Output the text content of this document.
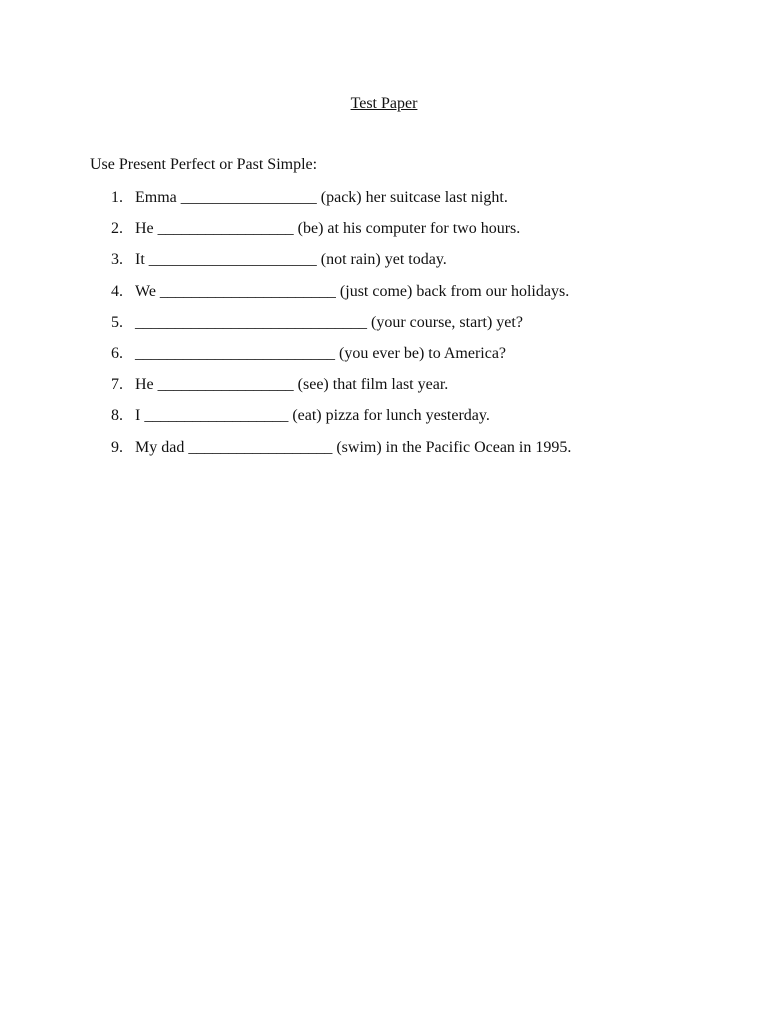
Test Paper
Use Present Perfect or Past Simple:
1. Emma _________________ (pack) her suitcase last night.
2. He _________________ (be) at his computer for two hours.
3. It _____________________ (not rain) yet today.
4. We ______________________ (just come) back from our holidays.
5. _____________________________ (your course, start) yet?
6. _________________________ (you ever be) to America?
7. He _________________ (see) that film last year.
8. I __________________ (eat) pizza for lunch yesterday.
9. My dad __________________ (swim) in the Pacific Ocean in 1995.
